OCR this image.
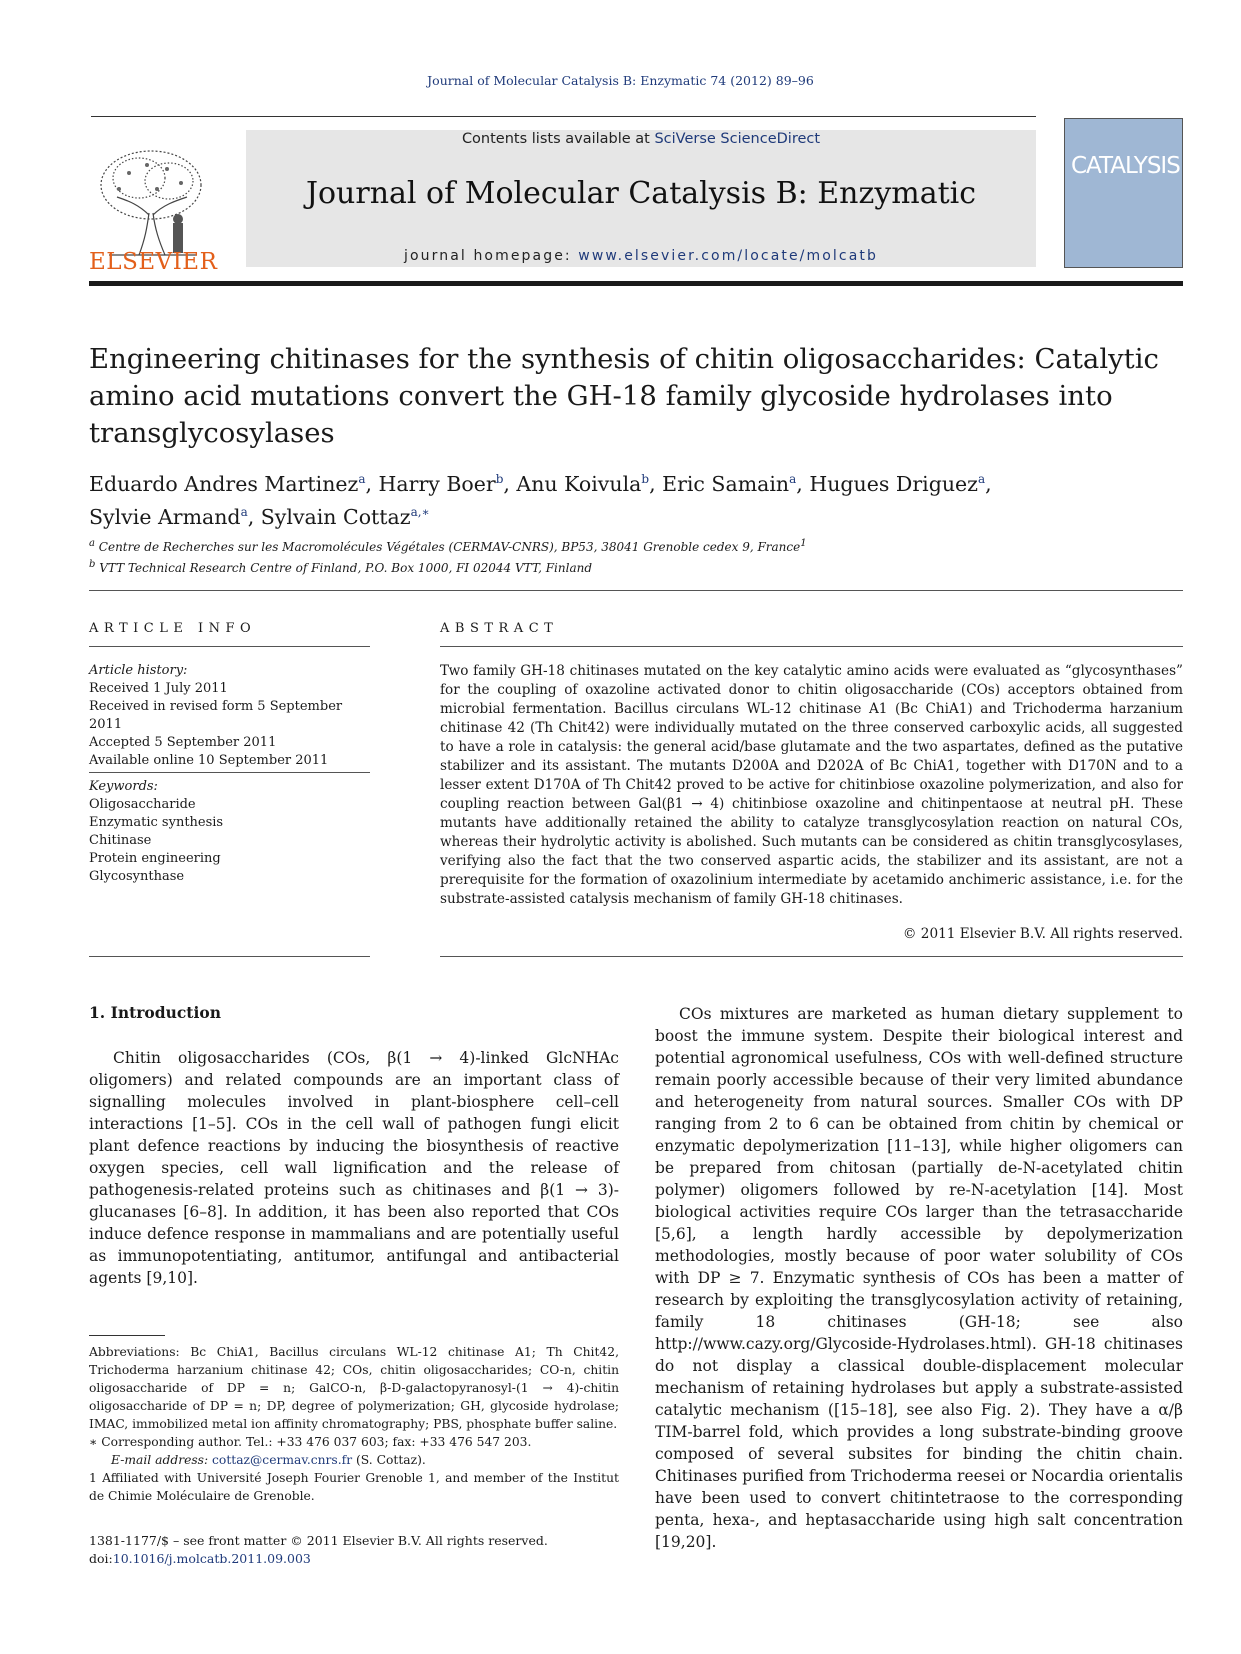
Journal of Molecular Catalysis B: Enzymatic 74 (2012) 89–96
ELSEVIER
Contents lists available at SciVerse ScienceDirect
Journal of Molecular Catalysis B: Enzymatic
journal homepage: www.elsevier.com/locate/molcatb
CATALYSIS
Engineering chitinases for the synthesis of chitin oligosaccharides: Catalytic amino acid mutations convert the GH-18 family glycoside hydrolases into transglycosylases
Eduardo Andres Martinez$^a$, Harry Boer$^b$, Anu Koivula$^b$, Eric Samain$^a$, Hugues Driguez$^a$,
Sylvie Armand$^a$, Sylvain Cottaz$^{a,∗}$
$^a$ Centre de Recherches sur les Macromolécules Végétales (CERMAV-CNRS), BP53, 38041 Grenoble cedex 9, France$^1$
$^b$ VTT Technical Research Centre of Finland, P.O. Box 1000, FI 02044 VTT, Finland
ARTICLE INFO	ABSTRACT
Article history:
Received 1 July 2011
Received in revised form 5 September 2011
Accepted 5 September 2011
Available online 10 September 2011
Keywords:
Oligosaccharide
Enzymatic synthesis
Chitinase
Protein engineering
Glycosynthase
Two family GH-18 chitinases mutated on the key catalytic amino acids were evaluated as “glycosynthases” for the coupling of oxazoline activated donor to chitin oligosaccharide (COs) acceptors obtained from microbial fermentation. Bacillus circulans WL-12 chitinase A1 (Bc ChiA1) and Trichoderma harzanium chitinase 42 (Th Chit42) were individually mutated on the three conserved carboxylic acids, all suggested to have a role in catalysis: the general acid/base glutamate and the two aspartates, defined as the putative stabilizer and its assistant. The mutants D200A and D202A of Bc ChiA1, together with D170N and to a lesser extent D170A of Th Chit42 proved to be active for chitinbiose oxazoline polymerization, and also for coupling reaction between Gal(β1 → 4) chitinbiose oxazoline and chitinpentaose at neutral pH. These mutants have additionally retained the ability to catalyze transglycosylation reaction on natural COs, whereas their hydrolytic activity is abolished. Such mutants can be considered as chitin transglycosylases, verifying also the fact that the two conserved aspartic acids, the stabilizer and its assistant, are not a prerequisite for the formation of oxazolinium intermediate by acetamido anchimeric assistance, i.e. for the substrate-assisted catalysis mechanism of family GH-18 chitinases.
© 2011 Elsevier B.V. All rights reserved.
1. Introduction
Chitin oligosaccharides (COs, β(1 → 4)-linked GlcNHAc oligomers) and related compounds are an important class of signalling molecules involved in plant-biosphere cell–cell interactions [1–5]. COs in the cell wall of pathogen fungi elicit plant defence reactions by inducing the biosynthesis of reactive oxygen species, cell wall lignification and the release of pathogenesis-related proteins such as chitinases and β(1 → 3)-glucanases [6–8]. In addition, it has been also reported that COs induce defence response in mammalians and are potentially useful as immunopotentiating, antitumor, antifungal and antibacterial agents [9,10].

Abbreviations: Bc ChiA1, Bacillus circulans WL-12 chitinase A1; Th Chit42, Trichoderma harzanium chitinase 42; COs, chitin oligosaccharides; CO-n, chitin oligosaccharide of DP = n; GalCO-n, β-D-galactopyranosyl-(1 → 4)-chitin oligosaccharide of DP = n; DP, degree of polymerization; GH, glycoside hydrolase; IMAC, immobilized metal ion affinity chromatography; PBS, phosphate buffer saline.

∗ Corresponding author. Tel.: +33 476 037 603; fax: +33 476 547 203.

E-mail address: cottaz@cermav.cnrs.fr (S. Cottaz).

1 Affiliated with Université Joseph Fourier Grenoble 1, and member of the Institut de Chimie Moléculaire de Grenoble.

1381-1177/$ – see front matter © 2011 Elsevier B.V. All rights reserved.
doi:10.1016/j.molcatb.2011.09.003
COs mixtures are marketed as human dietary supplement to boost the immune system. Despite their biological interest and potential agronomical usefulness, COs with well-defined structure remain poorly accessible because of their very limited abundance and heterogeneity from natural sources. Smaller COs with DP ranging from 2 to 6 can be obtained from chitin by chemical or enzymatic depolymerization [11–13], while higher oligomers can be prepared from chitosan (partially de-N-acetylated chitin polymer) oligomers followed by re-N-acetylation [14]. Most biological activities require COs larger than the tetrasaccharide [5,6], a length hardly accessible by depolymerization methodologies, mostly because of poor water solubility of COs with DP ≥ 7. Enzymatic synthesis of COs has been a matter of research by exploiting the transglycosylation activity of retaining, family 18 chitinases (GH-18; see also http://www.cazy.org/Glycoside-Hydrolases.html). GH-18 chitinases do not display a classical double-displacement molecular mechanism of retaining hydrolases but apply a substrate-assisted catalytic mechanism ([15–18], see also Fig. 2). They have a α/β TIM-barrel fold, which provides a long substrate-binding groove composed of several subsites for binding the chitin chain. Chitinases purified from Trichoderma reesei or Nocardia orientalis have been used to convert chitintetraose to the corresponding penta, hexa-, and heptasaccharide using high salt concentration [19,20].
